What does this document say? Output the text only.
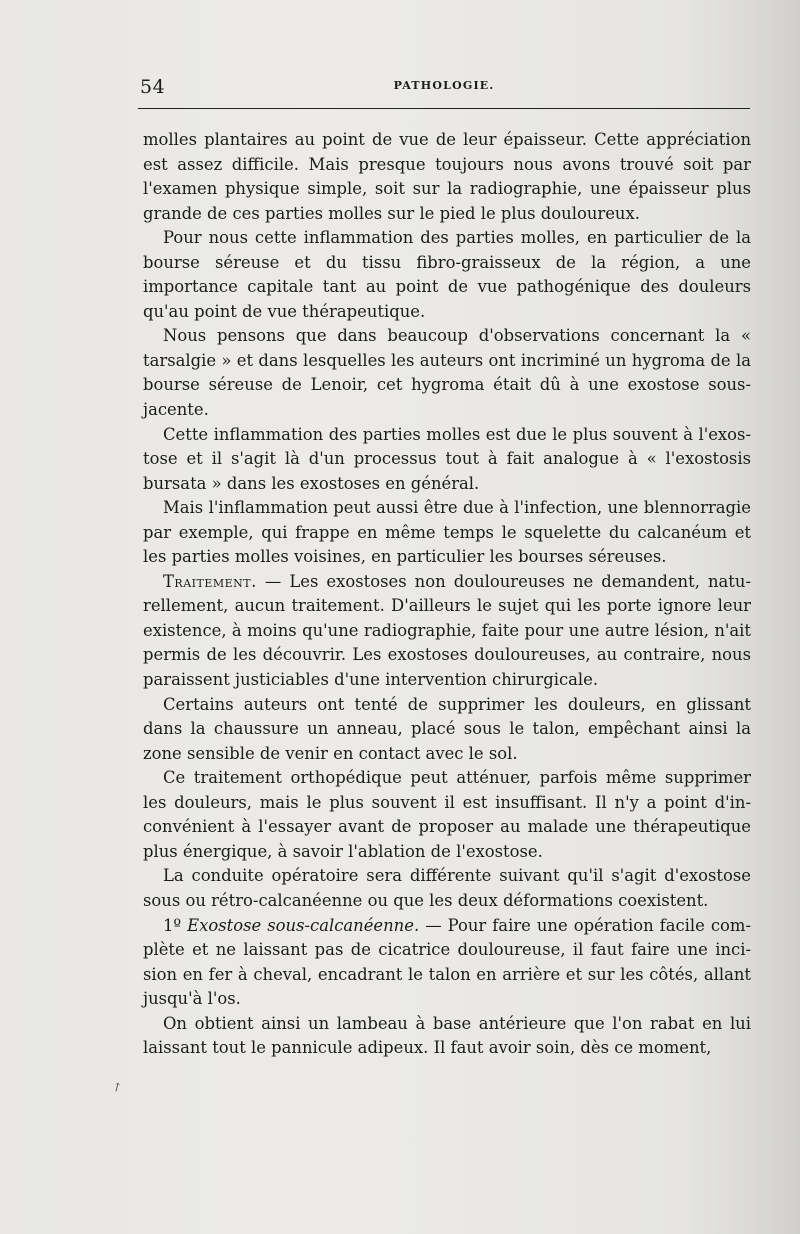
54	PATHOLOGIE.

molles plantaires au point de vue de leur épaisseur. Cette appréciation est assez difficile. Mais presque toujours nous avons trouvé soit par l'examen physique simple, soit sur la radiographie, une épaisseur plus grande de ces parties molles sur le pied le plus douloureux.

Pour nous cette inflammation des parties molles, en particulier de la bourse séreuse et du tissu fibro-graisseux de la région, a une importance capitale tant au point de vue pathogénique des douleurs qu'au point de vue thérapeutique.

Nous pensons que dans beaucoup d'observations concernant la « tarsalgie » et dans lesquelles les auteurs ont incriminé un hygroma de la bourse séreuse de Lenoir, cet hygroma était dû à une exostose sous-jacente.

Cette inflammation des parties molles est due le plus souvent à l'exostose et il s'agit là d'un processus tout à fait analogue à « l'exostosis bursata » dans les exostoses en général.

Mais l'inflammation peut aussi être due à l'infection, une blennorragie par exemple, qui frappe en même temps le squelette du calcanéum et les parties molles voisines, en particulier les bourses séreuses.

Traitement. — Les exostoses non douloureuses ne demandent, naturellement, aucun traitement. D'ailleurs le sujet qui les porte ignore leur existence, à moins qu'une radiographie, faite pour une autre lésion, n'ait permis de les découvrir. Les exostoses douloureuses, au contraire, nous paraissent justiciables d'une intervention chirurgicale.

Certains auteurs ont tenté de supprimer les douleurs, en glissant dans la chaussure un anneau, placé sous le talon, empêchant ainsi la zone sensible de venir en contact avec le sol.

Ce traitement orthopédique peut atténuer, parfois même supprimer les douleurs, mais le plus souvent il est insuffisant. Il n'y a point d'inconvénient à l'essayer avant de proposer au malade une thérapeutique plus énergique, à savoir l'ablation de l'exostose.

La conduite opératoire sera différente suivant qu'il s'agit d'exostose sous ou rétro-calcanéenne ou que les deux déformations coexistent.

1º Exostose sous-calcanéenne. — Pour faire une opération facile complète et ne laissant pas de cicatrice douloureuse, il faut faire une incision en fer à cheval, encadrant le talon en arrière et sur les côtés, allant jusqu'à l'os.

On obtient ainsi un lambeau à base antérieure que l'on rabat en lui laissant tout le pannicule adipeux. Il faut avoir soin, dès ce moment,

↗
